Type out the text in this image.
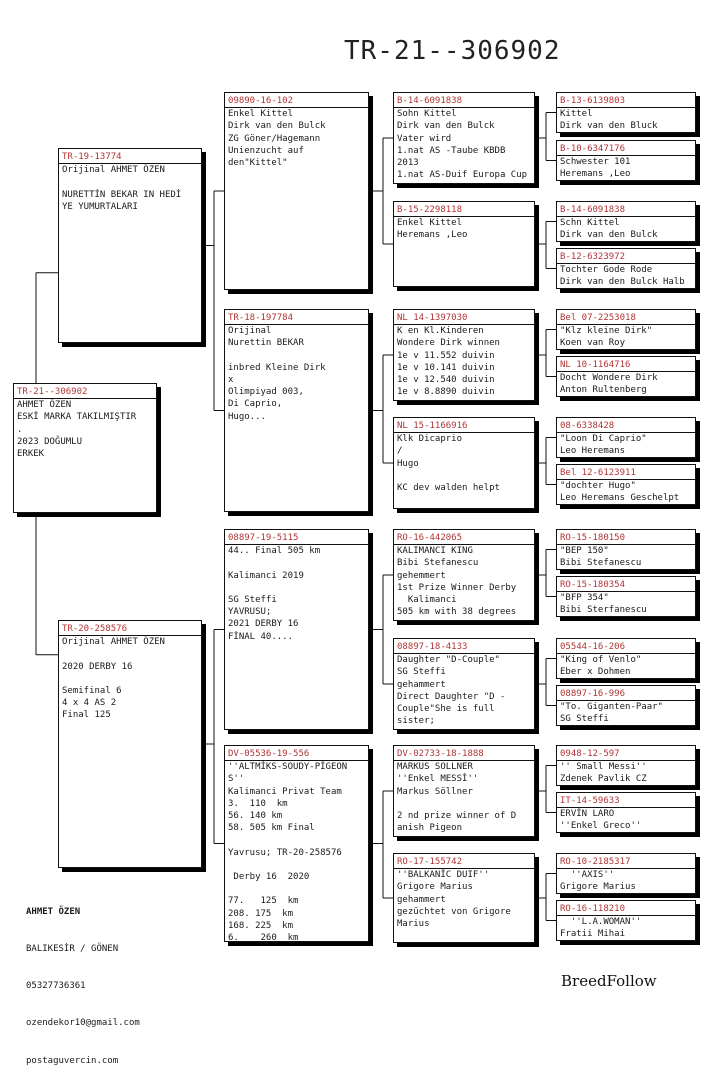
TR-21--306902
TR-21--306902
AHMET ÖZEN
ESKİ MARKA TAKILMIŞTIR
.
2023 DOĞUMLU
ERKEK
TR-19-13774
Orijinal AHMET ÖZEN
NURETTİN BEKAR IN HEDİ
YE YUMURTALARI
TR-20-258576
Orijinal AHMET ÖZEN
2020 DERBY 16
Semifinal 6
4 x 4 AS 2
Final 125
09890-16-102
Enkel Kittel
Dirk van den Bulck
ZG Göner/Hagemann
Unienzucht auf
den"Kittel"
TR-18-197784
Orijinal
Nurettin BEKAR
inbred Kleine Dirk
x
Olimpiyad 003,
Di Caprio,
Hugo...
08897-19-5115
44.. Final 505 km
Kalimanci 2019
SG Steffi
YAVRUSU;
2021 DERBY 16
FİNAL 40....
DV-05536-19-556
''ALTMİKS-SOUDY-PİGEON
S''
Kalimanci Privat Team
3.  110  km
56. 140 km
58. 505 km Final
Yavrusu; TR-20-258576
Derby 16  2020
77.   125  km
208. 175  km
168. 225  km
6.    260  km
B-14-6091838
Sohn Kittel
Dirk van den Bulck
Vater wird
1.nat AS -Taube KBDB
2013
1.nat AS-Duif Europa Cup
B-15-2298118
Enkel Kittel
Heremans ,Leo
NL 14-1397030
K en Kl.Kinderen
Wondere Dirk winnen
1e v 11.552 duivin
1e v 10.141 duivin
1e v 12.540 duivin
1e v 8.8890 duivin
NL 15-1166916
Klk Dicaprio
/
Hugo
KC dev walden helpt
RO-16-442065
KALIMANCI KING
Bibi Stefanescu
gehemmert
1st Prize Winner Derby
Kalimanci
505 km with 38 degrees
08897-18-4133
Daughter "D-Couple"
SG Steffi
gehammert
Direct Daughter "D -
Couple"She is full
sister;
DV-02733-18-1888
MARKUS SOLLNER
''Enkel MESSİ''
Markus Söllner
2 nd prize winner of D
anish Pigeon
RO-17-155742
''BALKANİC DUIF''
Grigore Marius
gehammert
gezüchtet von Grigore
Marius
B-13-6139803
Kittel
Dirk van den Bluck
B-10-6347176
Schwester 101
Heremans ,Leo
B-14-6091838
Schn Kittel
Dirk van den Bulck
B-12-6323972
Tochter Gode Rode
Dirk van den Bulck Halb
Bel 07-2253018
"Klz kleine Dirk"
Koen van Roy
NL 10-1164716
Docht Wondere Dirk
Anton Rultenberg
08-6338428
"Loon Di Caprio"
Leo Heremans
Bel 12-6123911
"dochter Hugo"
Leo Heremans Geschelpt
RO-15-180150
"BEP 150"
Bibi Stefanescu
RO-15-180354
"BFP 354"
Bibi Sterfanescu
05544-16-206
"King of Venlo"
Eber x Dohmen
08897-16-996
"To. Giganten-Paar"
SG Steffi
0948-12-597
'' Small Messi''
Zdenek Pavlik CZ
IT-14-59633
ERVİN LARO
''Enkel Greco''
RO-10-2185317
''AXIS''
Grigore Marius
RO-16-118210
''L.A.WOMAN''
Fratii Mihai

AHMET ÖZEN

BALIKESİR / GÖNEN

05327736361

ozendekor10@gmail.com

postaguvercin.com

BreedFollow
